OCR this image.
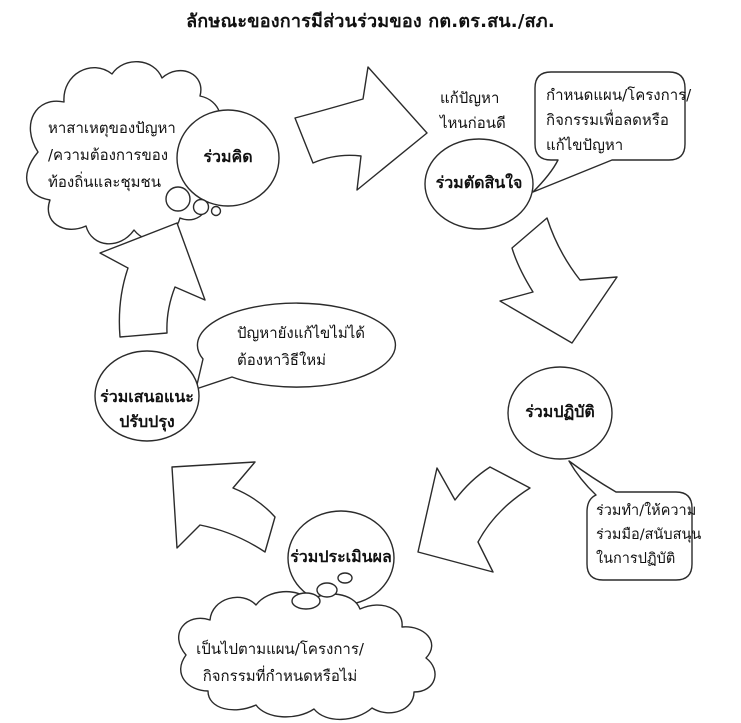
ลักษณะของการมีส่วนร่วมของ กต.ตร.สน./สภ.
หาสาเหตุของปัญหา
/ความต้องการของ
ท้องถิ่นและชุมชน
ร่วมคิด
ร่วมตัดสินใจ
ร่วมปฏิบัติ
ร่วมประเมินผล
ร่วมเสนอแนะ
ปรับปรุง
แก้ปัญหา
ไหนก่อนดี
กำหนดแผน/โครงการ/
กิจกรรมเพื่อลดหรือ
แก้ไขปัญหา
ร่วมทำ/ให้ความ
ร่วมมือ/สนับสนุน
ในการปฏิบัติ
เป็นไปตามแผน/โครงการ/
กิจกรรมที่กำหนดหรือไม่
ปัญหายังแก้ไขไม่ได้
ต้องหาวิธีใหม่
